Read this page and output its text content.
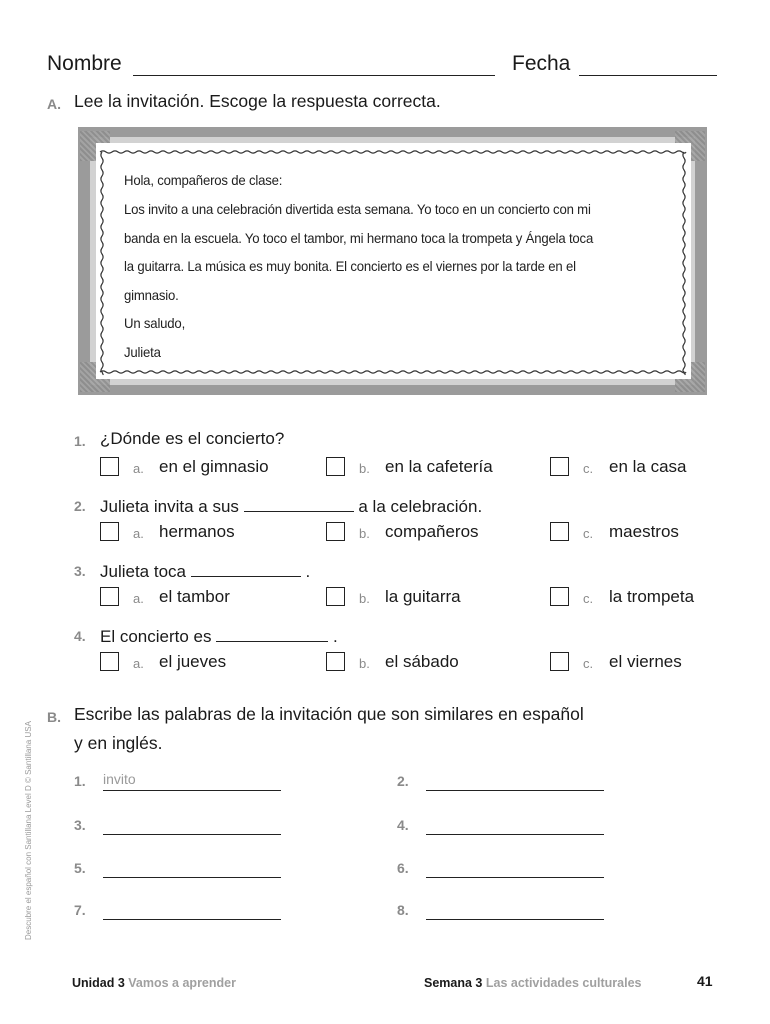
Nombre	Fecha
A. Lee la invitación. Escoge la respuesta correcta.
Hola, compañeros de clase:
Los invito a una celebración divertida esta semana. Yo toco en un concierto con mi
banda en la escuela. Yo toco el tambor, mi hermano toca la trompeta y Ángela toca
la guitarra. La música es muy bonita. El concierto es el viernes por la tarde en el
gimnasio.
Un saludo,
Julieta
1. ¿Dónde es el concierto?
a. en el gimnasio	b. en la cafetería	c. en la casa
2. Julieta invita a sus	a la celebración.
a. hermanos	b. compañeros	c. maestros
3. Julieta toca	.
a. el tambor	b. la guitarra	c. la trompeta
4. El concierto es	.
a. el jueves	b. el sábado	c. el viernes
B. Escribe las palabras de la invitación que son similares en español
y en inglés.
1. invito	2.
3.	4.
5.	6.
7.	8.
Descubre el español con Santillana Level D © Santillana USA
Unidad 3 Vamos a aprender	Semana 3 Las actividades culturales	41
